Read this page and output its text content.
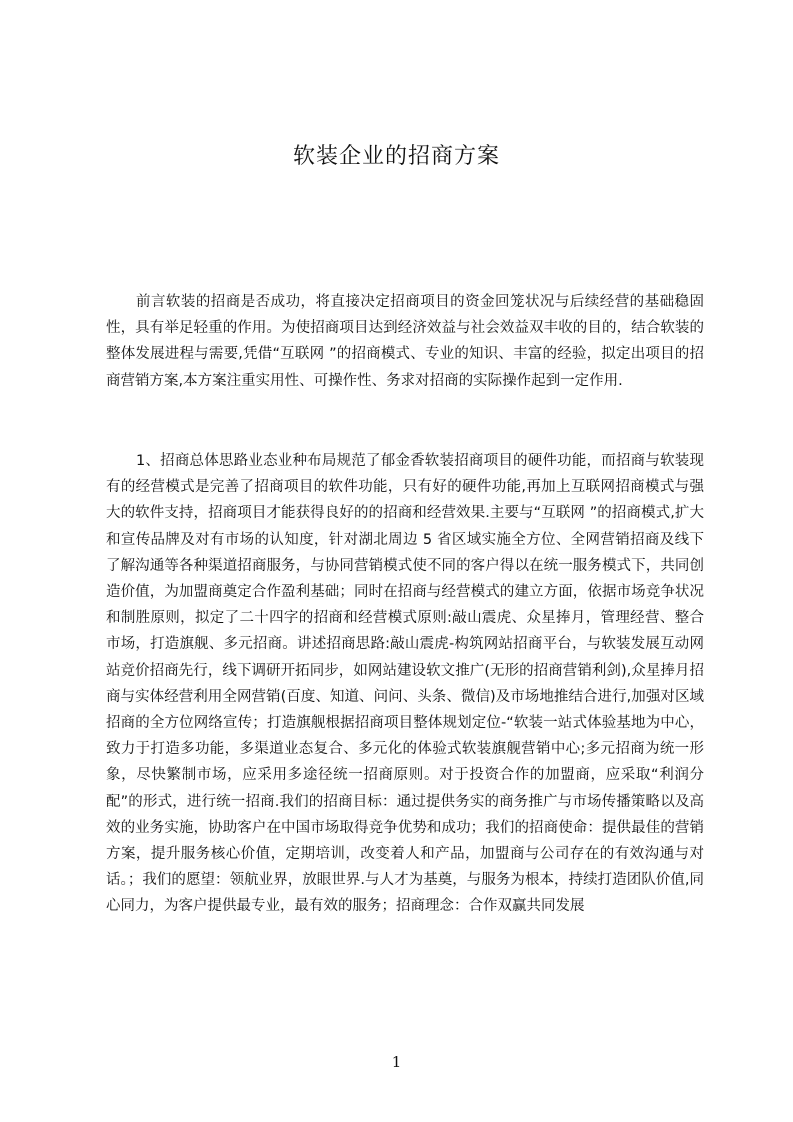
软装企业的招商方案

前言软装的招商是否成功，将直接决定招商项目的资金回笼状况与后续经营的基础稳固性，具有举足轻重的作用。为使招商项目达到经济效益与社会效益双丰收的目的，结合软装的整体发展进程与需要,凭借“互联网 ”的招商模式、专业的知识、丰富的经验，拟定出项目的招商营销方案,本方案注重实用性、可操作性、务求对招商的实际操作起到一定作用.

1、招商总体思路业态业种布局规范了郁金香软装招商项目的硬件功能，而招商与软装现有的经营模式是完善了招商项目的软件功能，只有好的硬件功能,再加上互联网招商模式与强大的软件支持，招商项目才能获得良好的的招商和经营效果.主要与“互联网 ”的招商模式,扩大和宣传品牌及对有市场的认知度，针对湖北周边 5 省区域实施全方位、全网营销招商及线下了解沟通等各种渠道招商服务，与协同营销模式使不同的客户得以在统一服务模式下，共同创造价值，为加盟商奠定合作盈利基础；同时在招商与经营模式的建立方面，依据市场竞争状况和制胜原则，拟定了二十四字的招商和经营模式原则:敲山震虎、众星捧月，管理经营、整合市场，打造旗舰、多元招商。讲述招商思路:敲山震虎-构筑网站招商平台，与软装发展互动网站竞价招商先行，线下调研开拓同步，如网站建设软文推广(无形的招商营销利剑),众星捧月招商与实体经营利用全网营销(百度、知道、问问、头条、微信)及市场地推结合进行,加强对区域招商的全方位网络宣传；打造旗舰根据招商项目整体规划定位-“软装一站式体验基地为中心，致力于打造多功能，多渠道业态复合、多元化的体验式软装旗舰营销中心;多元招商为统一形象，尽快繁制市场，应采用多途径统一招商原则。对于投资合作的加盟商，应采取“利润分配”的形式，进行统一招商.我们的招商目标：通过提供务实的商务推广与市场传播策略以及高效的业务实施，协助客户在中国市场取得竞争优势和成功；我们的招商使命：提供最佳的营销方案，提升服务核心价值，定期培训，改变着人和产品，加盟商与公司存在的有效沟通与对话。；我们的愿望：领航业界，放眼世界.与人才为基奠，与服务为根本，持续打造团队价值,同心同力，为客户提供最专业，最有效的服务；招商理念：合作双赢共同发展

1
